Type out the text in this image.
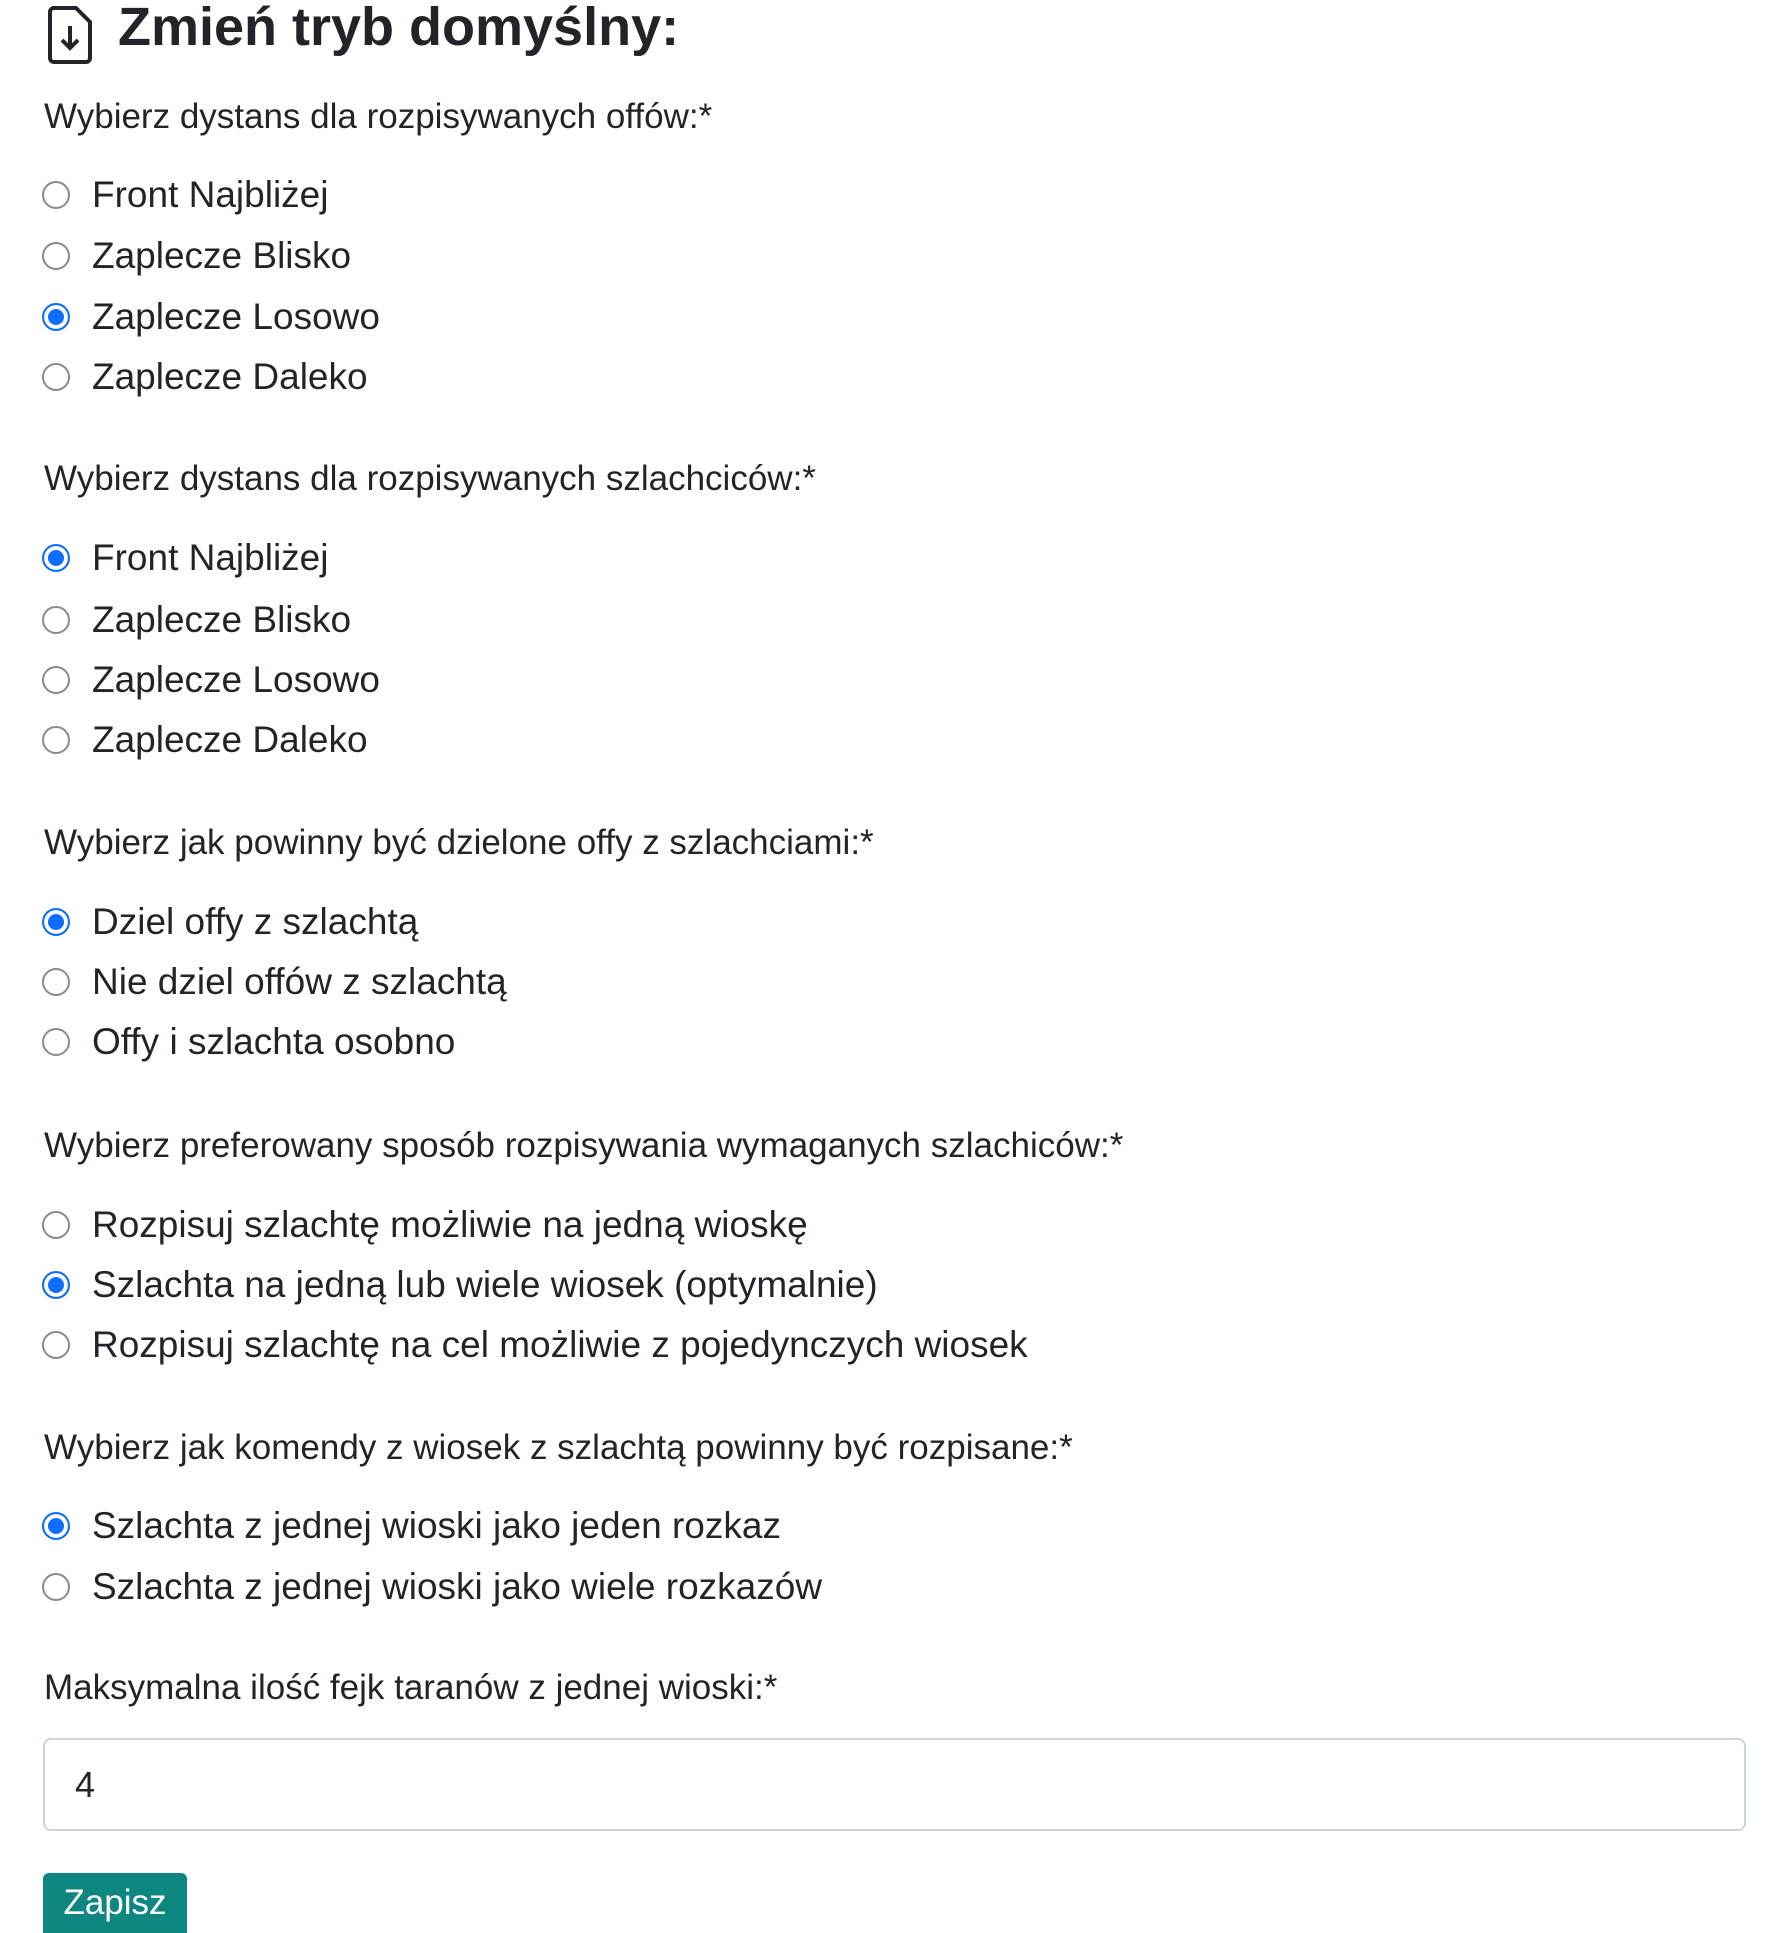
Zmień tryb domyślny:
Wybierz dystans dla rozpisywanych offów:*
Front Najbliżej
Zaplecze Blisko
Zaplecze Losowo
Zaplecze Daleko
Wybierz dystans dla rozpisywanych szlachciców:*
Front Najbliżej
Zaplecze Blisko
Zaplecze Losowo
Zaplecze Daleko
Wybierz jak powinny być dzielone offy z szlachciami:*
Dziel offy z szlachtą
Nie dziel offów z szlachtą
Offy i szlachta osobno
Wybierz preferowany sposób rozpisywania wymaganych szlachiców:*
Rozpisuj szlachtę możliwie na jedną wioskę
Szlachta na jedną lub wiele wiosek (optymalnie)
Rozpisuj szlachtę na cel możliwie z pojedynczych wiosek
Wybierz jak komendy z wiosek z szlachtą powinny być rozpisane:*
Szlachta z jednej wioski jako jeden rozkaz
Szlachta z jednej wioski jako wiele rozkazów
Maksymalna ilość fejk taranów z jednej wioski:*
4
Zapisz
